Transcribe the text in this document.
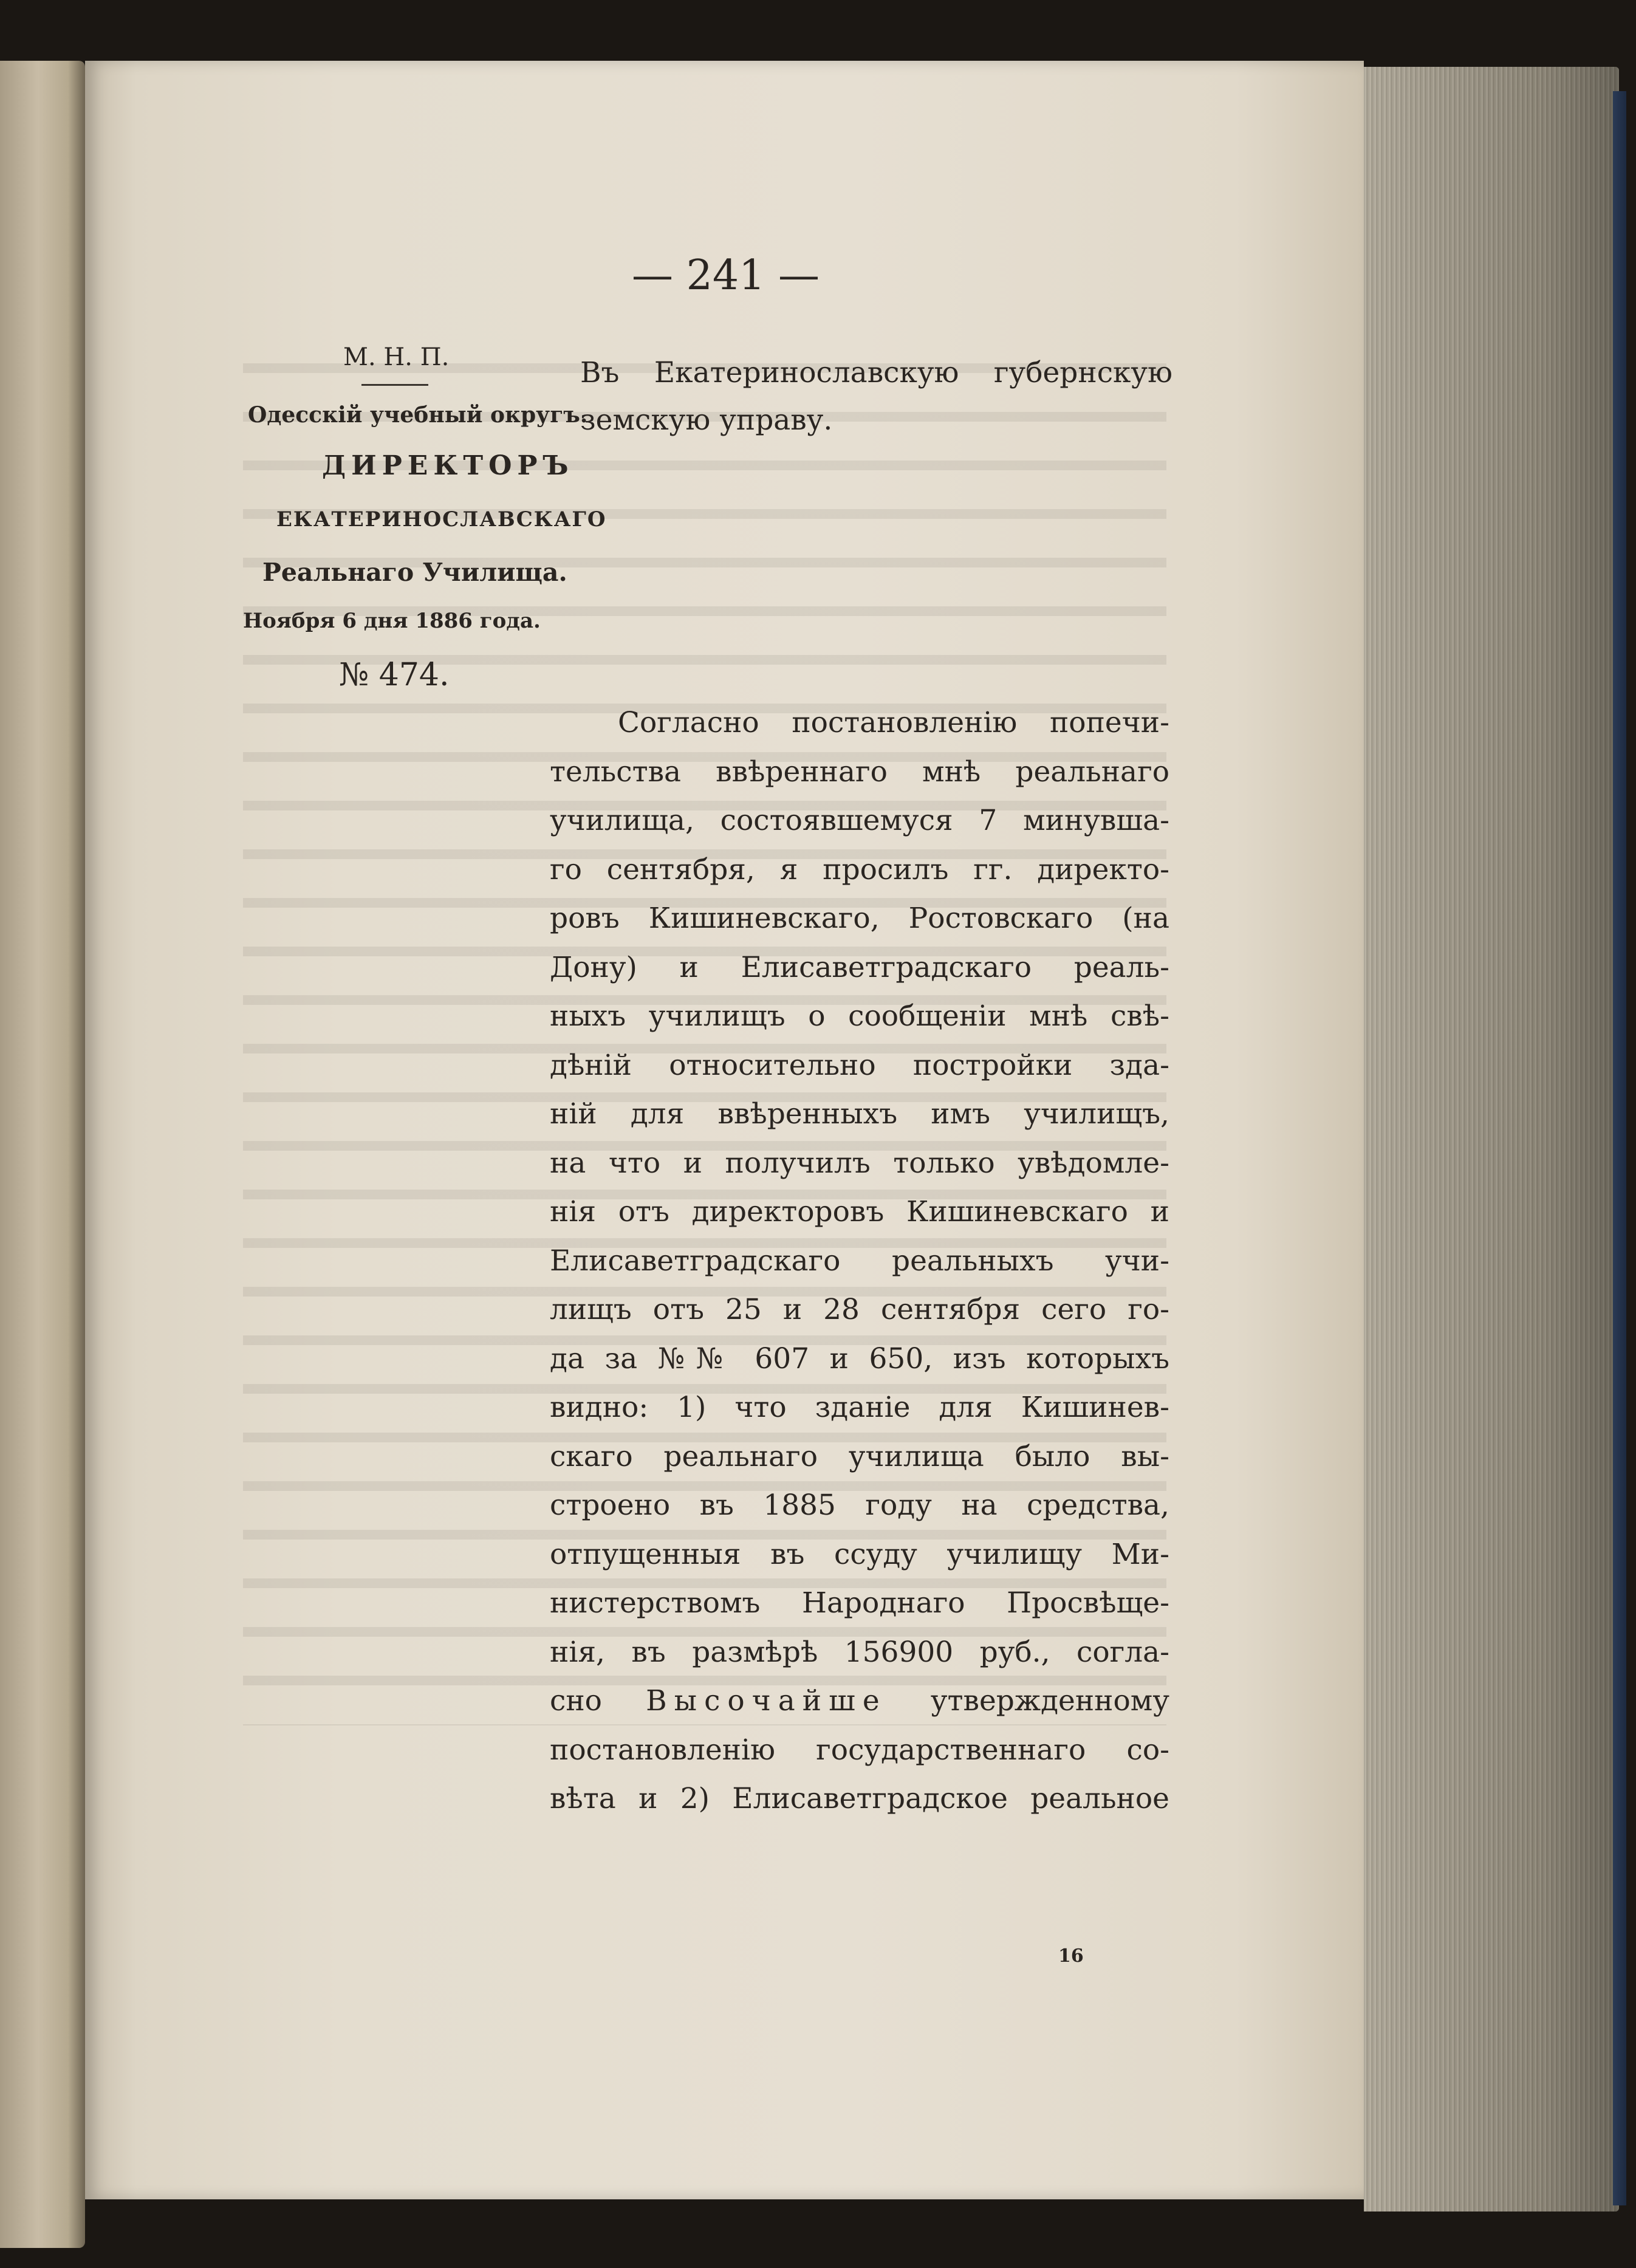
— 241 —
М. Н. П.
Одесскій учебный округъ.
ДИРЕКТОРЪ
ЕКАТЕРИНОСЛАВСКАГО
Реальнаго Училища.
Ноября 6 дня 1886 года.
№ 474.
Въ Екатеринославскую губернскую земскую управу.
Согласно постановленію попечи-
тельства ввѣреннаго мнѣ реальнаго
училища, состоявшемуся 7 минувша-
го сентября, я просилъ гг. директо-
ровъ Кишиневскаго, Ростовскаго (на
Дону) и Елисаветградскаго реаль-
ныхъ училищъ о сообщеніи мнѣ свѣ-
дѣній относительно постройки зда-
ній для ввѣренныхъ имъ училищъ,
на что и получилъ только увѣдомле-
нія отъ директоровъ Кишиневскаго и
Елисаветградскаго реальныхъ учи-
лищъ отъ 25 и 28 сентября сего го-
да за №№ 607 и 650, изъ которыхъ
видно: 1) что зданіе для Кишинев-
скаго реальнаго училища было вы-
строено въ 1885 году на средства,
отпущенныя въ ссуду училищу Ми-
нистерствомъ Народнаго Просвѣще-
нія, въ размѣрѣ 156900 руб., согла-
сно Высочайше утвержденному
постановленію государственнаго со-
вѣта и 2) Елисаветградское реальное
16
